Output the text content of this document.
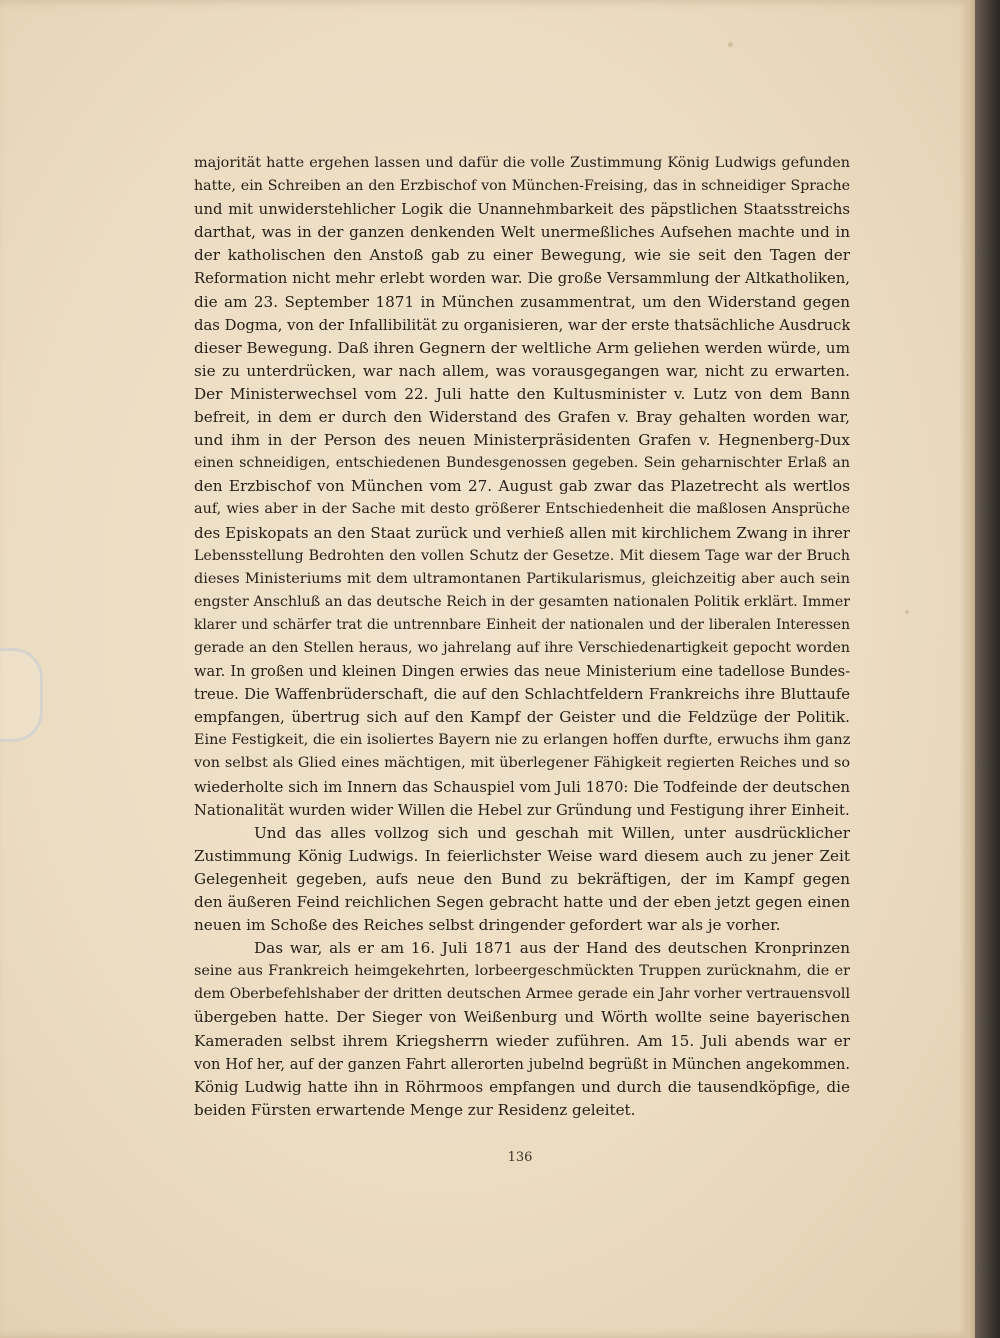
majorität hatte ergehen lassen und dafür die volle Zustimmung König Ludwigs gefunden
hatte, ein Schreiben an den Erzbischof von München-Freising, das in schneidiger Sprache
und mit unwiderstehlicher Logik die Unannehmbarkeit des päpstlichen Staatsstreichs
darthat, was in der ganzen denkenden Welt unermeßliches Aufsehen machte und in
der katholischen den Anstoß gab zu einer Bewegung, wie sie seit den Tagen der
Reformation nicht mehr erlebt worden war. Die große Versammlung der Altkatholiken,
die am 23. September 1871 in München zusammentrat, um den Widerstand gegen
das Dogma, von der Infallibilität zu organisieren, war der erste thatsächliche Ausdruck
dieser Bewegung. Daß ihren Gegnern der weltliche Arm geliehen werden würde, um
sie zu unterdrücken, war nach allem, was vorausgegangen war, nicht zu erwarten.
Der Ministerwechsel vom 22. Juli hatte den Kultusminister v. Lutz von dem Bann
befreit, in dem er durch den Widerstand des Grafen v. Bray gehalten worden war,
und ihm in der Person des neuen Ministerpräsidenten Grafen v. Hegnenberg-Dux
einen schneidigen, entschiedenen Bundesgenossen gegeben. Sein geharnischter Erlaß an
den Erzbischof von München vom 27. August gab zwar das Plazetrecht als wertlos
auf, wies aber in der Sache mit desto größerer Entschiedenheit die maßlosen Ansprüche
des Episkopats an den Staat zurück und verhieß allen mit kirchlichem Zwang in ihrer
Lebensstellung Bedrohten den vollen Schutz der Gesetze. Mit diesem Tage war der Bruch
dieses Ministeriums mit dem ultramontanen Partikularismus, gleichzeitig aber auch sein
engster Anschluß an das deutsche Reich in der gesamten nationalen Politik erklärt. Immer
klarer und schärfer trat die untrennbare Einheit der nationalen und der liberalen Interessen
gerade an den Stellen heraus, wo jahrelang auf ihre Verschiedenartigkeit gepocht worden
war. In großen und kleinen Dingen erwies das neue Ministerium eine tadellose Bundes-
treue. Die Waffenbrüderschaft, die auf den Schlachtfeldern Frankreichs ihre Bluttaufe
empfangen, übertrug sich auf den Kampf der Geister und die Feldzüge der Politik.
Eine Festigkeit, die ein isoliertes Bayern nie zu erlangen hoffen durfte, erwuchs ihm ganz
von selbst als Glied eines mächtigen, mit überlegener Fähigkeit regierten Reiches und so
wiederholte sich im Innern das Schauspiel vom Juli 1870: Die Todfeinde der deutschen
Nationalität wurden wider Willen die Hebel zur Gründung und Festigung ihrer Einheit.
Und das alles vollzog sich und geschah mit Willen, unter ausdrücklicher
Zustimmung König Ludwigs. In feierlichster Weise ward diesem auch zu jener Zeit
Gelegenheit gegeben, aufs neue den Bund zu bekräftigen, der im Kampf gegen
den äußeren Feind reichlichen Segen gebracht hatte und der eben jetzt gegen einen
neuen im Schoße des Reiches selbst dringender gefordert war als je vorher.
Das war, als er am 16. Juli 1871 aus der Hand des deutschen Kronprinzen
seine aus Frankreich heimgekehrten, lorbeergeschmückten Truppen zurücknahm, die er
dem Oberbefehlshaber der dritten deutschen Armee gerade ein Jahr vorher vertrauensvoll
übergeben hatte. Der Sieger von Weißenburg und Wörth wollte seine bayerischen
Kameraden selbst ihrem Kriegsherrn wieder zuführen. Am 15. Juli abends war er
von Hof her, auf der ganzen Fahrt allerorten jubelnd begrüßt in München angekommen.
König Ludwig hatte ihn in Röhrmoos empfangen und durch die tausendköpfige, die
beiden Fürsten erwartende Menge zur Residenz geleitet.
136
